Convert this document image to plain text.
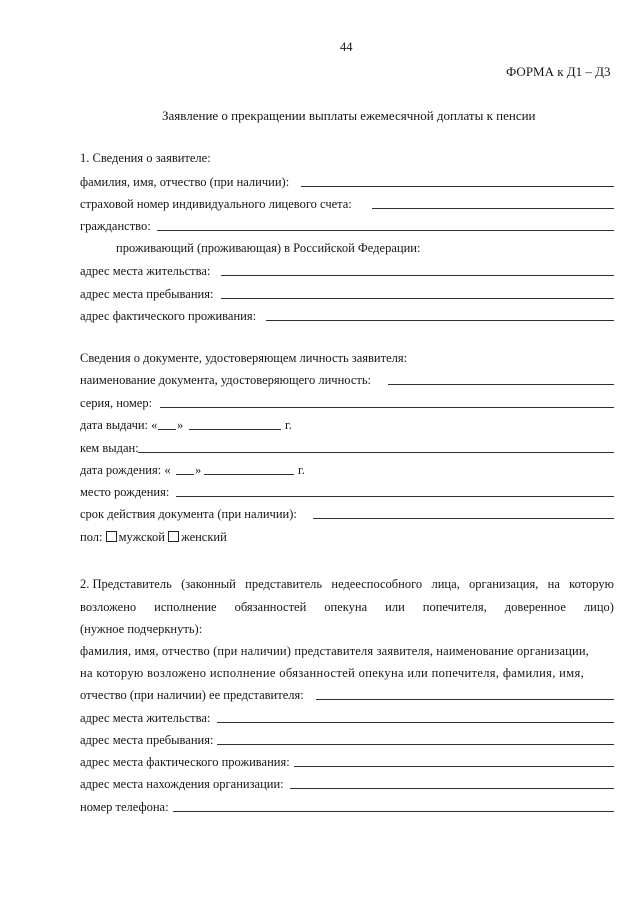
44
ФОРМА к Д1 – Д3
Заявление о прекращении выплаты ежемесячной доплаты к пенсии
1. Сведения о заявителе:
фамилия, имя, отчество (при наличии):
страховой номер индивидуального лицевого счета:
гражданство:
проживающий (проживающая) в Российской Федерации:
адрес места жительства:
адрес места пребывания:
адрес фактического проживания:
Сведения о документе, удостоверяющем личность заявителя:
наименование документа, удостоверяющего личность:
серия, номер:
дата выдачи: « »	г.
кем выдан:
дата рождения: « »	г.
место рождения:
срок действия документа (при наличии):
пол: мужской женский
2. Представитель (законный представитель недееспособного лица, организация, на которую
возложено исполнение обязанностей опекуна или попечителя, доверенное лицо)
(нужное подчеркнуть):
фамилия, имя, отчество (при наличии) представителя заявителя, наименование организации,
на которую возложено исполнение обязанностей опекуна или попечителя, фамилия, имя,
отчество (при наличии) ее представителя:
адрес места жительства:
адрес места пребывания:
адрес места фактического проживания:
адрес места нахождения организации:
номер телефона:
